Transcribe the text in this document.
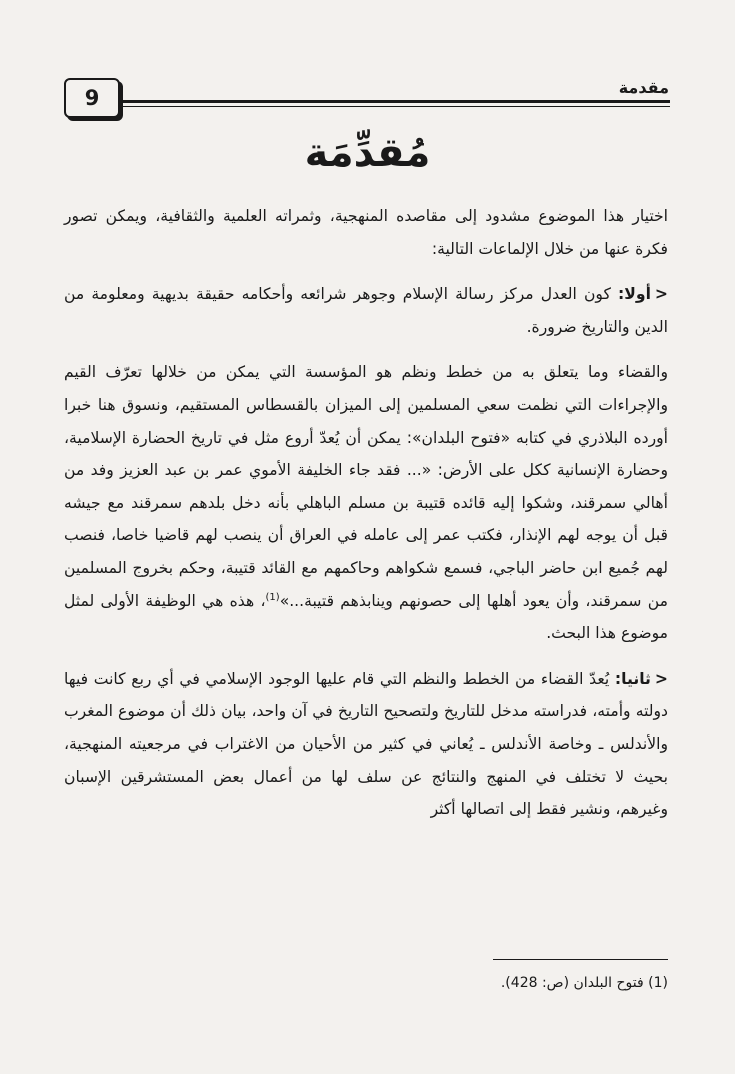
9	مقدمة
مُقدِّمَة

اختيار هذا الموضوع مشدود إلى مقاصده المنهجية، وثمراته العلمية والثقافية، ويمكن تصور فكرة عنها من خلال الإلماعات التالية:

<أولا: كون العدل مركز رسالة الإسلام وجوهر شرائعه وأحكامه حقيقة بديهية ومعلومة من الدين والتاريخ ضرورة.

والقضاء وما يتعلق به من خطط ونظم هو المؤسسة التي يمكن من خلالها تعرّف القيم والإجراءات التي نظمت سعي المسلمين إلى الميزان بالقسطاس المستقيم، ونسوق هنا خبرا أورده البلاذري في كتابه «فتوح البلدان»: يمكن أن يُعدّ أروع مثل في تاريخ الحضارة الإسلامية، وحضارة الإنسانية ككل على الأرض: «... فقد جاء الخليفة الأموي عمر بن عبد العزيز وفد من أهالي سمرقند، وشكوا إليه قائده قتيبة بن مسلم الباهلي بأنه دخل بلدهم سمرقند مع جيشه قبل أن يوجه لهم الإنذار، فكتب عمر إلى عامله في العراق أن ينصب لهم قاضيا خاصا، فنصب لهم جُميع ابن حاضر الباجي، فسمع شكواهم وحاكمهم مع القائد قتيبة، وحكم بخروج المسلمين من سمرقند، وأن يعود أهلها إلى حصونهم وينابذهم قتيبة...»$^{(1)}$، هذه هي الوظيفة الأولى لمثل موضوع هذا البحث.

<ثانيا: يُعدّ القضاء من الخطط والنظم التي قام عليها الوجود الإسلامي في أي ربع كانت فيها دولته وأمته، فدراسته مدخل للتاريخ ولتصحيح التاريخ في آن واحد، بيان ذلك أن موضوع المغرب والأندلس ـ وخاصة الأندلس ـ يُعاني في كثير من الأحيان من الاغتراب في مرجعيته المنهجية، بحيث لا تختلف في المنهج والنتائج عن سلف لها من أعمال بعض المستشرقين الإسبان وغيرهم، ونشير فقط إلى اتصالها أكثر

(1) فتوح البلدان (ص: 428).
